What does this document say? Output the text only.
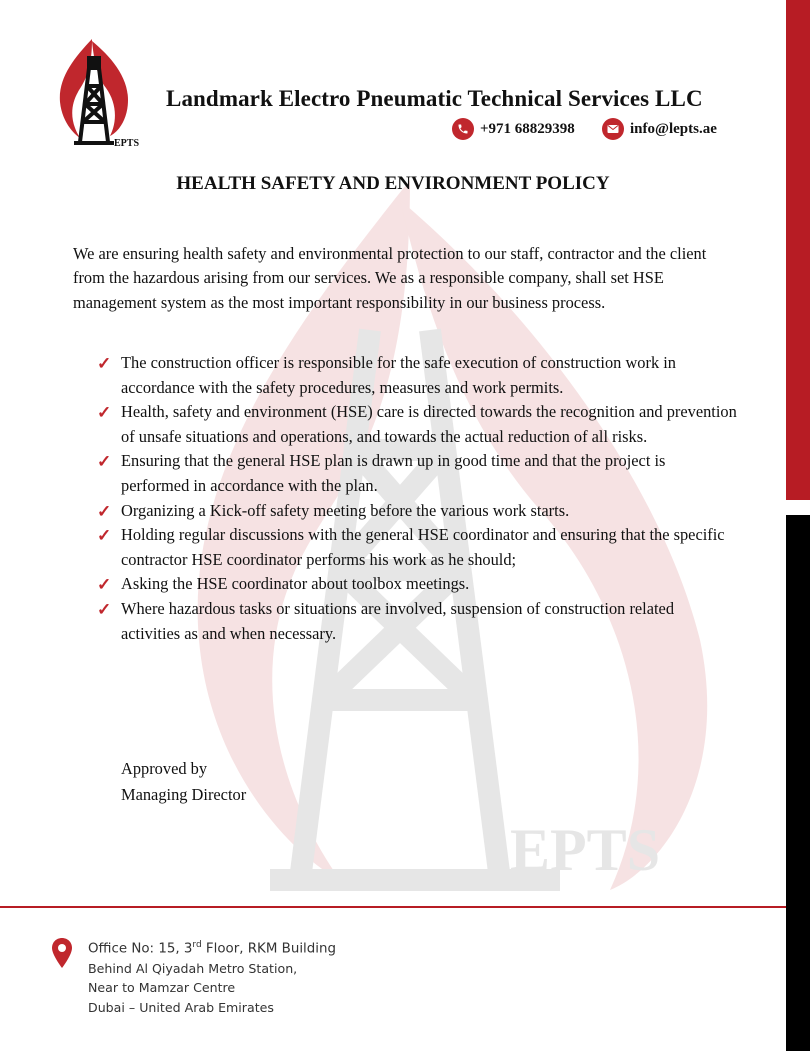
EPTS
EPTS
Landmark Electro Pneumatic Technical Services LLC
+971 68829398	info@lepts.ae
HEALTH SAFETY AND ENVIRONMENT POLICY
We are ensuring health safety and environmental protection to our staff, contractor and the client from the hazardous arising from our services. We as a responsible company, shall set HSE management system as the most important responsibility in our business process.
✓ The construction officer is responsible for the safe execution of construction work in accordance with the safety procedures, measures and work permits.
✓ Health, safety and environment (HSE) care is directed towards the recognition and prevention of unsafe situations and operations, and towards the actual reduction of all risks.
✓ Ensuring that the general HSE plan is drawn up in good time and that the project is performed in accordance with the plan.
✓ Organizing a Kick-off safety meeting before the various work starts.
✓ Holding regular discussions with the general HSE coordinator and ensuring that the specific contractor HSE coordinator performs his work as he should;
✓ Asking the HSE coordinator about toolbox meetings.
✓ Where hazardous tasks or situations are involved, suspension of construction related activities as and when necessary.
Approved by
Managing Director
Office No: 15, 3rd Floor, RKM Building
Behind Al Qiyadah Metro Station,
Near to Mamzar Centre
Dubai – United Arab Emirates
